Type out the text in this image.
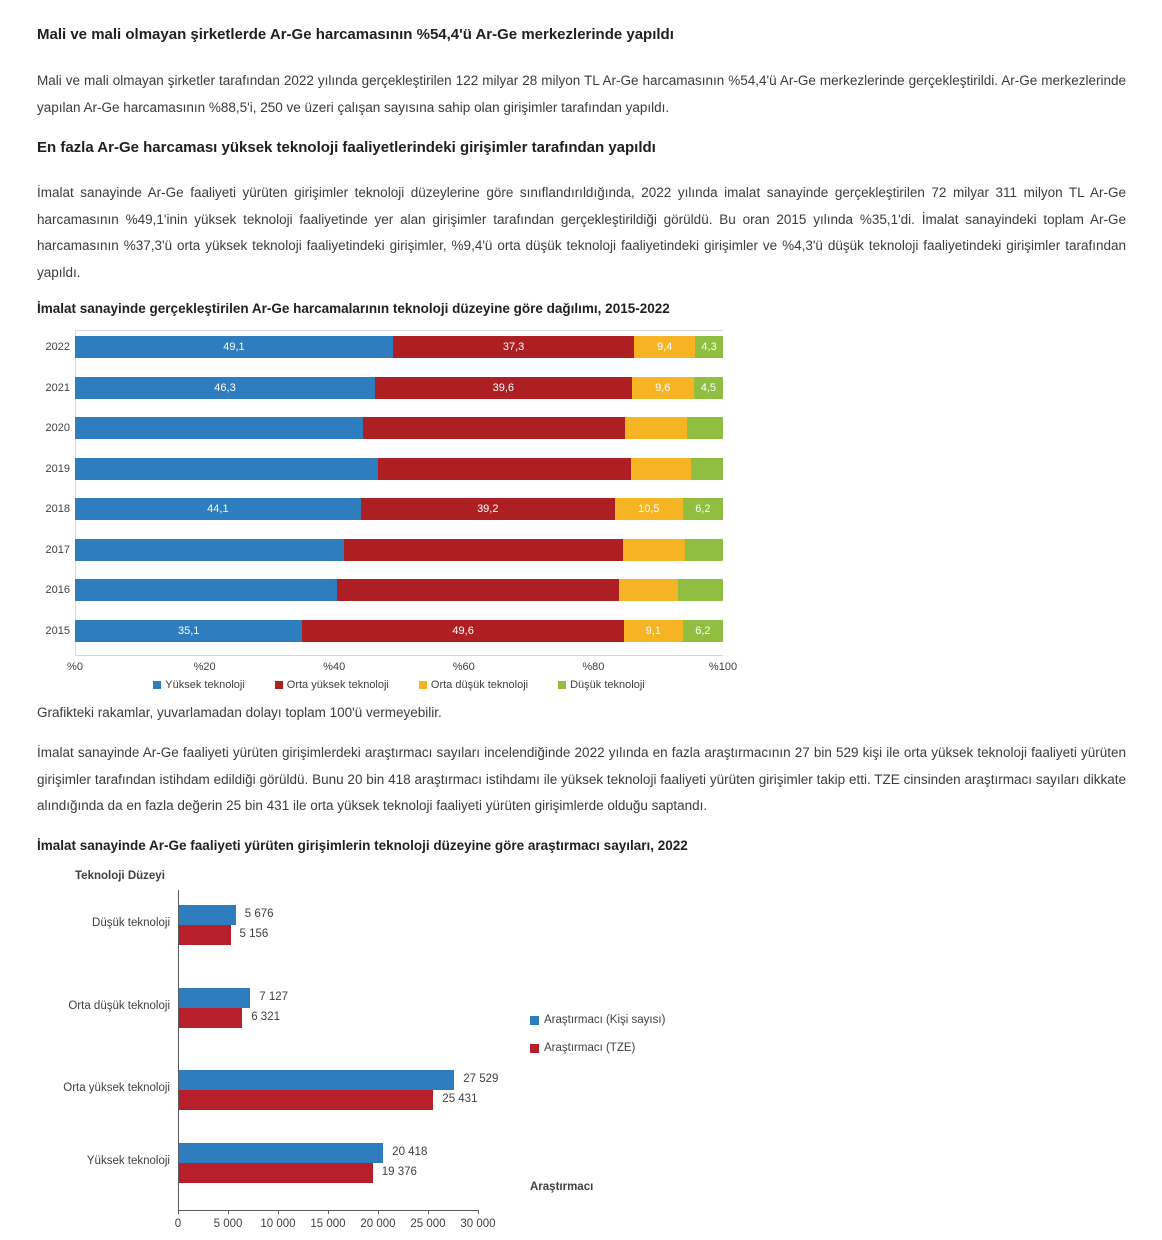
Mali ve mali olmayan şirketlerde Ar-Ge harcamasının %54,4'ü Ar-Ge merkezlerinde yapıldı
Mali ve mali olmayan şirketler tarafından 2022 yılında gerçekleştirilen 122 milyar 28 milyon TL Ar-Ge harcamasının %54,4'ü Ar-Ge merkezlerinde gerçekleştirildi. Ar-Ge merkezlerinde yapılan Ar-Ge harcamasının %88,5'i, 250 ve üzeri çalışan sayısına sahip olan girişimler tarafından yapıldı.
En fazla Ar-Ge harcaması yüksek teknoloji faaliyetlerindeki girişimler tarafından yapıldı
İmalat sanayinde Ar-Ge faaliyeti yürüten girişimler teknoloji düzeylerine göre sınıflandırıldığında, 2022 yılında imalat sanayinde gerçekleştirilen 72 milyar 311 milyon TL Ar-Ge harcamasının %49,1'inin yüksek teknoloji faaliyetinde yer alan girişimler tarafından gerçekleştirildiği görüldü. Bu oran 2015 yılında %35,1'di. İmalat sanayindeki toplam Ar-Ge harcamasının %37,3'ü orta yüksek teknoloji faaliyetindeki girişimler, %9,4'ü orta düşük teknoloji faaliyetindeki girişimler ve %4,3'ü düşük teknoloji faaliyetindeki girişimler tarafından yapıldı.
İmalat sanayinde gerçekleştirilen Ar-Ge harcamalarının teknoloji düzeyine göre dağılımı, 2015-2022
2022	49,1	37,3	9,4	4,3
2021	46,3	39,6	9,6	4,5
2020
2019
2018	44,1	39,2	10,5	6,2
2017
2016
2015	35,1	49,6	9,1	6,2
%0	%20	%40	%60	%80	%100
Yüksek teknoloji	Orta yüksek teknoloji	Orta düşük teknoloji	Düşük teknoloji
Grafikteki rakamlar, yuvarlamadan dolayı toplam 100'ü vermeyebilir.
İmalat sanayinde Ar-Ge faaliyeti yürüten girişimlerdeki araştırmacı sayıları incelendiğinde 2022 yılında en fazla araştırmacının 27 bin 529 kişi ile orta yüksek teknoloji faaliyeti yürüten girişimler tarafından istihdam edildiği görüldü. Bunu 20 bin 418 araştırmacı istihdamı ile yüksek teknoloji faaliyeti yürüten girişimler takip etti. TZE cinsinden araştırmacı sayıları dikkate alındığında da en fazla değerin 25 bin 431 ile orta yüksek teknoloji faaliyeti yürüten girişimlerde olduğu saptandı.
İmalat sanayinde Ar-Ge faaliyeti yürüten girişimlerin teknoloji düzeyine göre araştırmacı sayıları, 2022
Teknoloji Düzeyi
Düşük teknoloji
5 676
5 156
Orta düşük teknoloji
7 127
6 321
Orta yüksek teknoloji
27 529
25 431
Yüksek teknoloji
20 418
19 376
0	5 000	10 000	15 000	20 000	25 000	30 000
Araştırmacı
Araştırmacı (Kişi sayısı)
Araştırmacı (TZE)
